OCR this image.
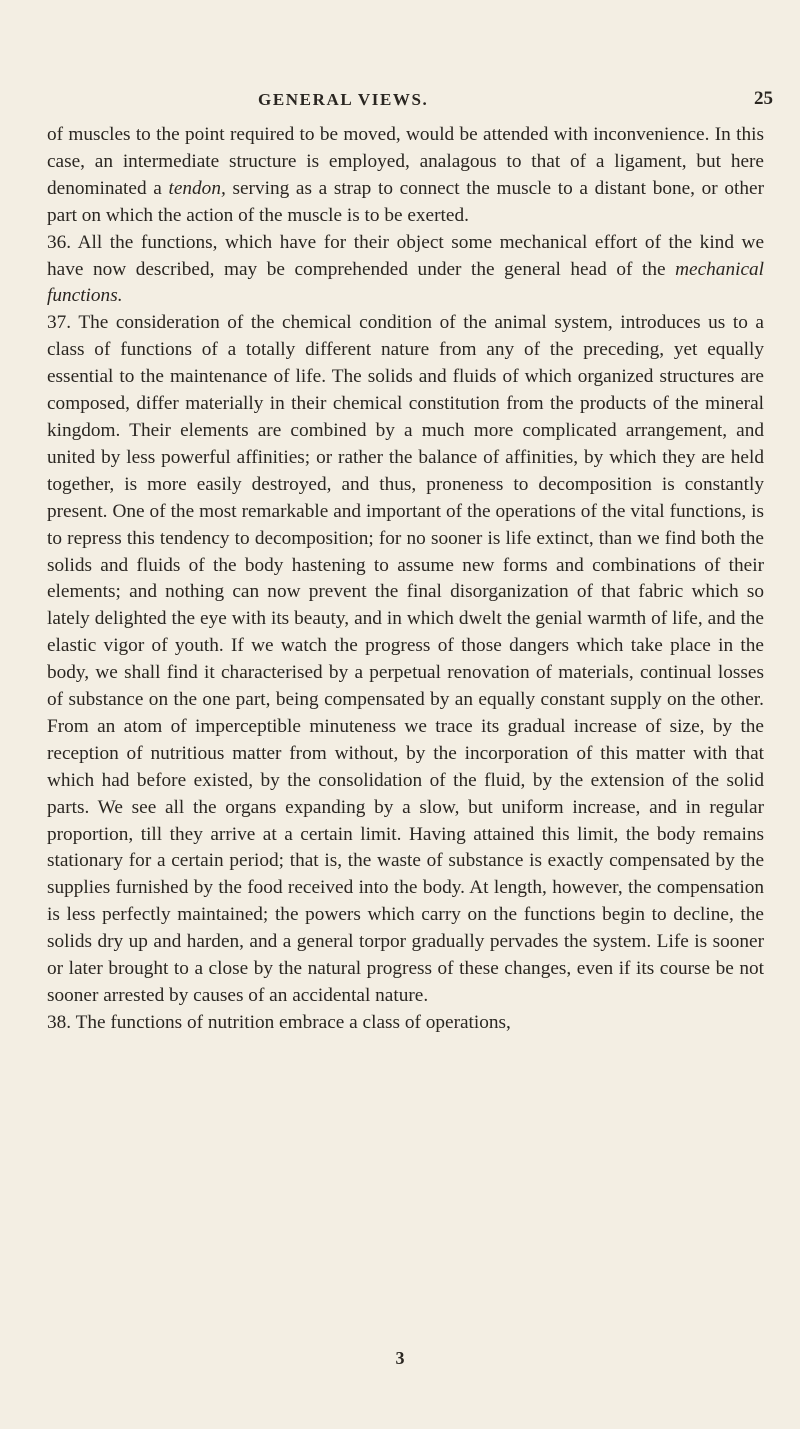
GENERAL VIEWS.	25

of muscles to the point required to be moved, would be attended with inconvenience. In this case, an intermediate structure is employed, analagous to that of a ligament, but here denominated a tendon, serving as a strap to connect the muscle to a distant bone, or other part on which the action of the muscle is to be exerted.

36. All the functions, which have for their object some mechanical effort of the kind we have now described, may be comprehended under the general head of the mechanical functions.

37. The consideration of the chemical condition of the animal system, introduces us to a class of functions of a totally different nature from any of the preceding, yet equally essential to the maintenance of life. The solids and fluids of which organized structures are composed, differ materially in their chemical constitution from the products of the mineral kingdom. Their elements are combined by a much more complicated arrangement, and united by less powerful affinities; or rather the balance of affinities, by which they are held together, is more easily destroyed, and thus, proneness to decomposition is constantly present. One of the most remarkable and important of the operations of the vital functions, is to repress this tendency to decomposition; for no sooner is life extinct, than we find both the solids and fluids of the body hastening to assume new forms and combinations of their elements; and nothing can now prevent the final disorganization of that fabric which so lately delighted the eye with its beauty, and in which dwelt the genial warmth of life, and the elastic vigor of youth. If we watch the progress of those dangers which take place in the body, we shall find it characterised by a perpetual renovation of materials, continual losses of substance on the one part, being compensated by an equally constant supply on the other. From an atom of imperceptible minuteness we trace its gradual increase of size, by the reception of nutritious matter from without, by the incorporation of this matter with that which had before existed, by the consolidation of the fluid, by the extension of the solid parts. We see all the organs expanding by a slow, but uniform increase, and in regular proportion, till they arrive at a certain limit. Having attained this limit, the body remains stationary for a certain period; that is, the waste of substance is exactly compensated by the supplies furnished by the food received into the body. At length, however, the compensation is less perfectly maintained; the powers which carry on the functions begin to decline, the solids dry up and harden, and a general torpor gradually pervades the system. Life is sooner or later brought to a close by the natural progress of these changes, even if its course be not sooner arrested by causes of an accidental nature.

38. The functions of nutrition embrace a class of operations,

3
